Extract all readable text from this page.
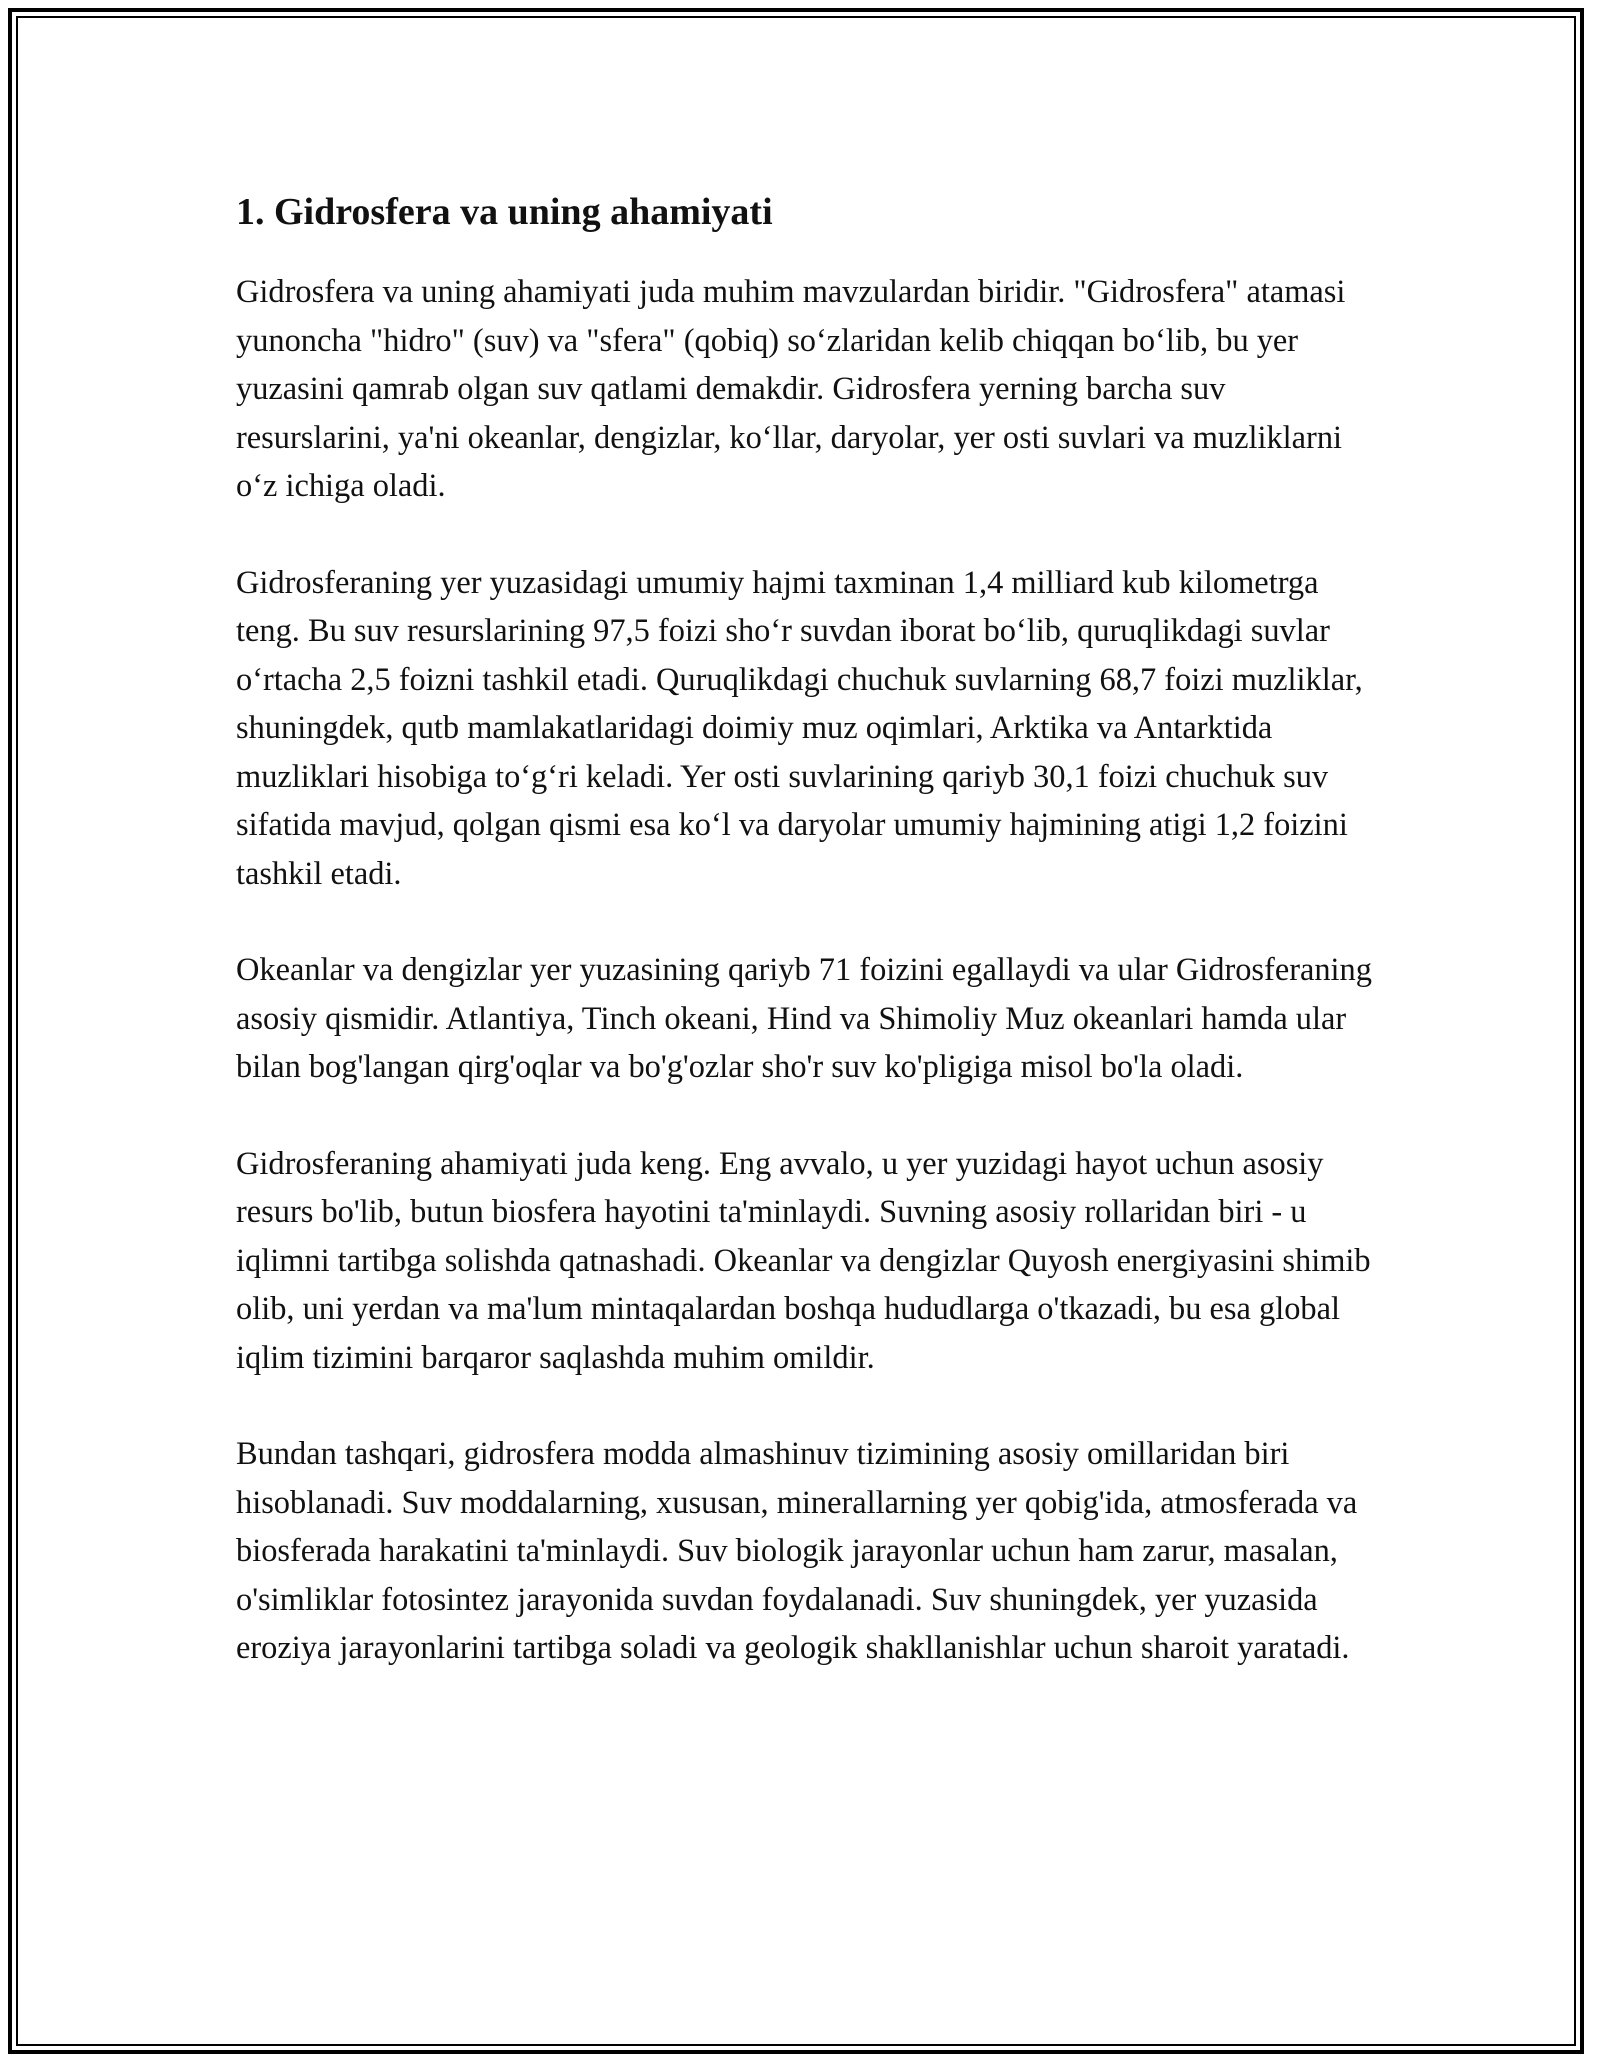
1. Gidrosfera va uning ahamiyati

Gidrosfera va uning ahamiyati juda muhim mavzulardan biridir. "Gidrosfera" atamasi yunoncha "hidro" (suv) va "sfera" (qobiq) so‘zlaridan kelib chiqqan bo‘lib, bu yer yuzasini qamrab olgan suv qatlami demakdir. Gidrosfera yerning barcha suv resurslarini, ya'ni okeanlar, dengizlar, ko‘llar, daryolar, yer osti suvlari va muzliklarni o‘z ichiga oladi.

Gidrosferaning yer yuzasidagi umumiy hajmi taxminan 1,4 milliard kub kilometrga teng. Bu suv resurslarining 97,5 foizi sho‘r suvdan iborat bo‘lib, quruqlikdagi suvlar o‘rtacha 2,5 foizni tashkil etadi. Quruqlikdagi chuchuk suvlarning 68,7 foizi muzliklar, shuningdek, qutb mamlakatlaridagi doimiy muz oqimlari, Arktika va Antarktida muzliklari hisobiga to‘g‘ri keladi. Yer osti suvlarining qariyb 30,1 foizi chuchuk suv sifatida mavjud, qolgan qismi esa ko‘l va daryolar umumiy hajmining atigi 1,2 foizini tashkil etadi.

Okeanlar va dengizlar yer yuzasining qariyb 71 foizini egallaydi va ular Gidrosferaning asosiy qismidir. Atlantiya, Tinch okeani, Hind va Shimoliy Muz okeanlari hamda ular bilan bog'langan qirg'oqlar va bo'g'ozlar sho'r suv ko'pligiga misol bo'la oladi.

Gidrosferaning ahamiyati juda keng. Eng avvalo, u yer yuzidagi hayot uchun asosiy resurs bo'lib, butun biosfera hayotini ta'minlaydi. Suvning asosiy rollaridan biri - u iqlimni tartibga solishda qatnashadi. Okeanlar va dengizlar Quyosh energiyasini shimib olib, uni yerdan va ma'lum mintaqalardan boshqa hududlarga o'tkazadi, bu esa global iqlim tizimini barqaror saqlashda muhim omildir.

Bundan tashqari, gidrosfera modda almashinuv tizimining asosiy omillaridan biri hisoblanadi. Suv moddalarning, xususan, minerallarning yer qobig'ida, atmosferada va biosferada harakatini ta'minlaydi. Suv biologik jarayonlar uchun ham zarur, masalan, o'simliklar fotosintez jarayonida suvdan foydalanadi. Suv shuningdek, yer yuzasida eroziya jarayonlarini tartibga soladi va geologik shakllanishlar uchun sharoit yaratadi.
